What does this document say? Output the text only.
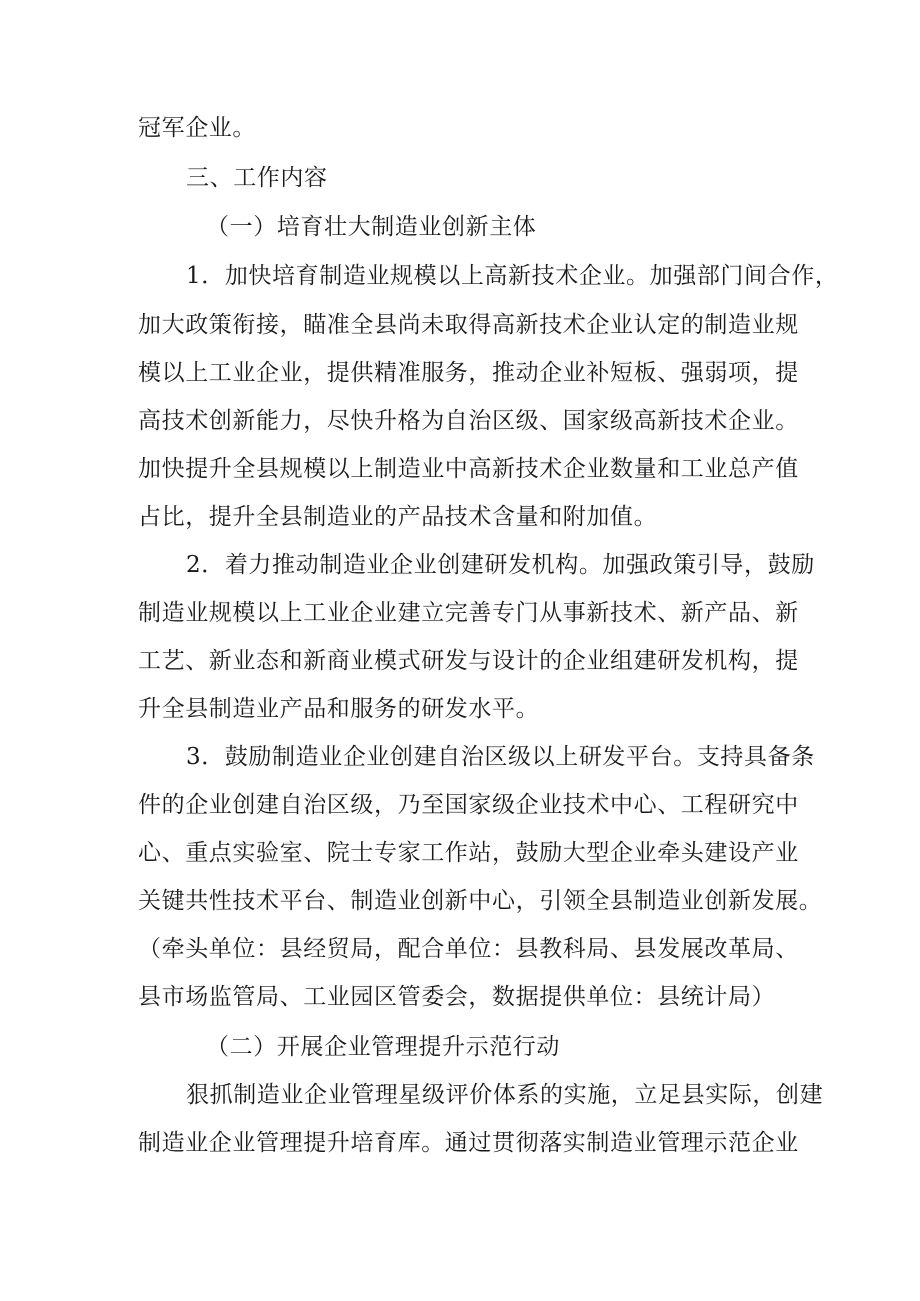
冠军企业。
三、工作内容
（一）培育壮大制造业创新主体
1．加快培育制造业规模以上高新技术企业。加强部门间合作，
加大政策衔接，瞄准全县尚未取得高新技术企业认定的制造业规
模以上工业企业，提供精准服务，推动企业补短板、强弱项，提
高技术创新能力，尽快升格为自治区级、国家级高新技术企业。
加快提升全县规模以上制造业中高新技术企业数量和工业总产值
占比，提升全县制造业的产品技术含量和附加值。
2．着力推动制造业企业创建研发机构。加强政策引导，鼓励
制造业规模以上工业企业建立完善专门从事新技术、新产品、新
工艺、新业态和新商业模式研发与设计的企业组建研发机构，提
升全县制造业产品和服务的研发水平。
3．鼓励制造业企业创建自治区级以上研发平台。支持具备条
件的企业创建自治区级，乃至国家级企业技术中心、工程研究中
心、重点实验室、院士专家工作站，鼓励大型企业牵头建设产业
关键共性技术平台、制造业创新中心，引领全县制造业创新发展。
（牵头单位：县经贸局，配合单位：县教科局、县发展改革局、
县市场监管局、工业园区管委会，数据提供单位：县统计局）
（二）开展企业管理提升示范行动
狠抓制造业企业管理星级评价体系的实施，立足县实际，创建
制造业企业管理提升培育库。通过贯彻落实制造业管理示范企业
